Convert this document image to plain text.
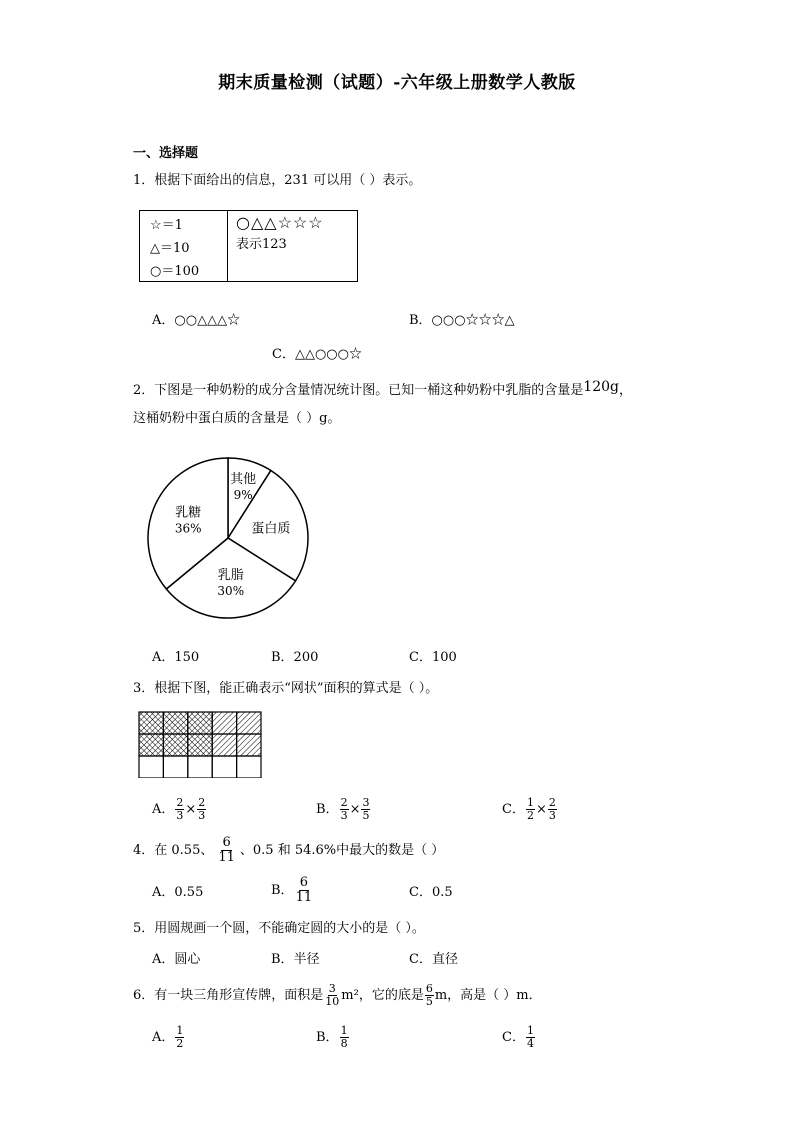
期末质量检测（试题）-六年级上册数学人教版
一、选择题
1．根据下面给出的信息，231 可以用（ ）表示。
☆＝1
△＝10
○＝100
○△△☆☆☆
表示123
A．○○△△△☆	B．○○○☆☆☆△
C．△△○○○☆
2．下图是一种奶粉的成分含量情况统计图。已知一桶这种奶粉中乳脂的含量是120g，
这桶奶粉中蛋白质的含量是（ ）g。
其他
9%
蛋白质
乳脂
30%
乳糖
36%
A．150	B．200	C．100
3．根据下图，能正确表示“网状”面积的算式是（ ）。
A． $\frac{2}{3} \times \frac{2}{3}$	B． $\frac{2}{3} \times \frac{3}{5}$	C． $\frac{1}{2} \times \frac{2}{3}$
4．在 0.55、 $\frac{6}{11}$ 、0.5 和 54.6%中最大的数是（ ）
A．0.55	B． $\frac{6}{11}$	C．0.5
5．用圆规画一个圆，不能确定圆的大小的是（ ）。
A．圆心	B．半径	C．直径
6．有一块三角形宣传牌，面积是 $\frac{3}{10} m^2$，它的底是 $\frac{6}{5}$ m，高是（ ）m．
A． $\frac{1}{2}$	B． $\frac{1}{8}$	C． $\frac{1}{4}$
